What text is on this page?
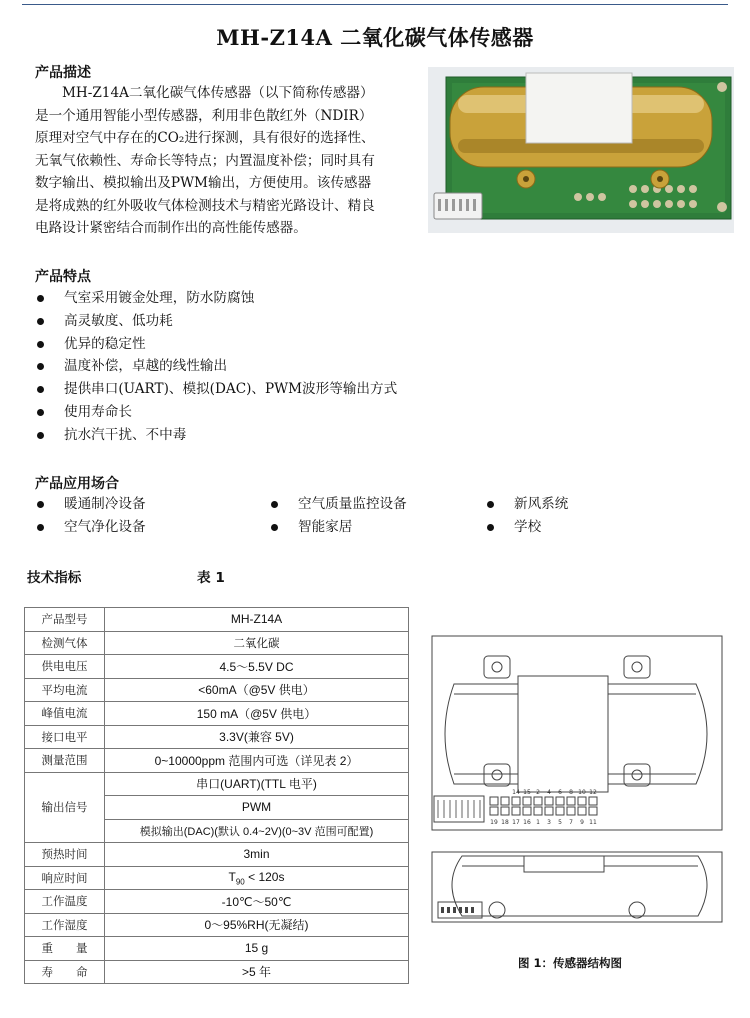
MH-Z14A 二氧化碳气体传感器
产品描述

MH-Z14A二氧化碳气体传感器（以下简称传感器）

是一个通用智能小型传感器，利用非色散红外（NDIR）

原理对空气中存在的CO₂进行探测，具有很好的选择性、

无氧气依赖性、寿命长等特点；内置温度补偿；同时具有

数字输出、模拟输出及PWM输出，方便使用。该传感器

是将成熟的红外吸收气体检测技术与精密光路设计、精良

电路设计紧密结合而制作出的高性能传感器。

产品特点
气室采用镀金处理，防水防腐蚀
高灵敏度、低功耗
优异的稳定性
温度补偿，卓越的线性输出
提供串口(UART)、模拟(DAC)、PWM波形等输出方式
使用寿命长
抗水汽干扰、不中毒
产品应用场合
暖通制冷设备
空气净化设备
空气质量监控设备
智能家居
新风系统
学校
技术指标	表 1
产品型号	MH-Z14A
检测气体	二氧化碳
供电电压	4.5～5.5V DC
平均电流	<60mA（@5V 供电）
峰值电流	150 mA（@5V 供电）
接口电平	3.3V(兼容 5V)
测量范围	0~10000ppm 范围内可选（详见表 2）
输出信号	串口(UART)(TTL 电平)
	PWM
	模拟输出(DAC)(默认 0.4~2V)(0~3V 范围可配置)
预热时间	3min
响应时间	$T_{90} < 120s$
工作温度	-10℃～50℃
工作湿度	0～95%RH(无凝结)
重　　量	15 g
寿　　命	>5 年
14 15 2 4 6 8 10 12
19 18 17 16 1 3 5 7 9 11
图 1：传感器结构图
